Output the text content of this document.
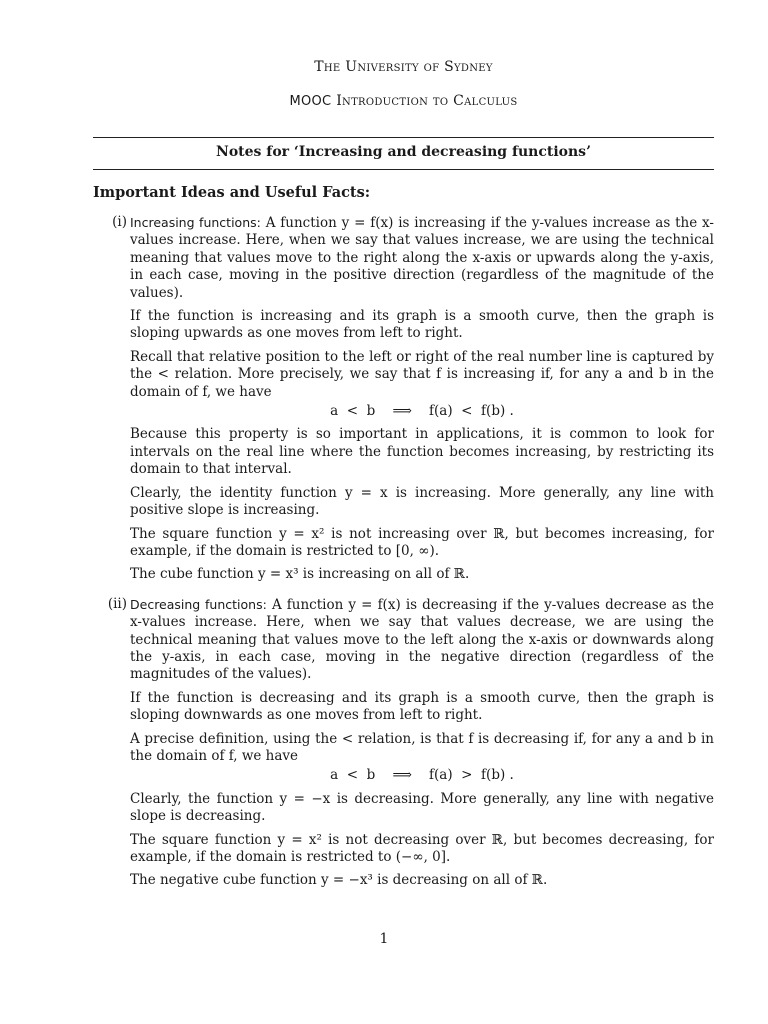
The University of Sydney
MOOC Introduction to Calculus
Notes for ‘Increasing and decreasing functions’
Important Ideas and Useful Facts:
(i) Increasing functions: A function y = f(x) is increasing if the y-values increase as the x-values increase. Here, when we say that values increase, we are using the technical meaning that values move to the right along the x-axis or upwards along the y-axis, in each case, moving in the positive direction (regardless of the magnitude of the values).

If the function is increasing and its graph is a smooth curve, then the graph is sloping upwards as one moves from left to right.

Recall that relative position to the left or right of the real number line is captured by the < relation. More precisely, we say that f is increasing if, for any a and b in the domain of f, we have

a  <  b    ⟹    f(a)  <  f(b) .

Because this property is so important in applications, it is common to look for intervals on the real line where the function becomes increasing, by restricting its domain to that interval.

Clearly, the identity function y = x is increasing. More generally, any line with positive slope is increasing.

The square function y = x² is not increasing over ℝ, but becomes increasing, for example, if the domain is restricted to [0, ∞).

The cube function y = x³ is increasing on all of ℝ.

(ii) Decreasing functions: A function y = f(x) is decreasing if the y-values decrease as the x-values increase. Here, when we say that values decrease, we are using the technical meaning that values move to the left along the x-axis or downwards along the y-axis, in each case, moving in the negative direction (regardless of the magnitudes of the values).

If the function is decreasing and its graph is a smooth curve, then the graph is sloping downwards as one moves from left to right.

A precise definition, using the < relation, is that f is decreasing if, for any a and b in the domain of f, we have

a  <  b    ⟹    f(a)  >  f(b) .

Clearly, the function y = −x is decreasing. More generally, any line with negative slope is decreasing.

The square function y = x² is not decreasing over ℝ, but becomes decreasing, for example, if the domain is restricted to (−∞, 0].

The negative cube function y = −x³ is decreasing on all of ℝ.

1
